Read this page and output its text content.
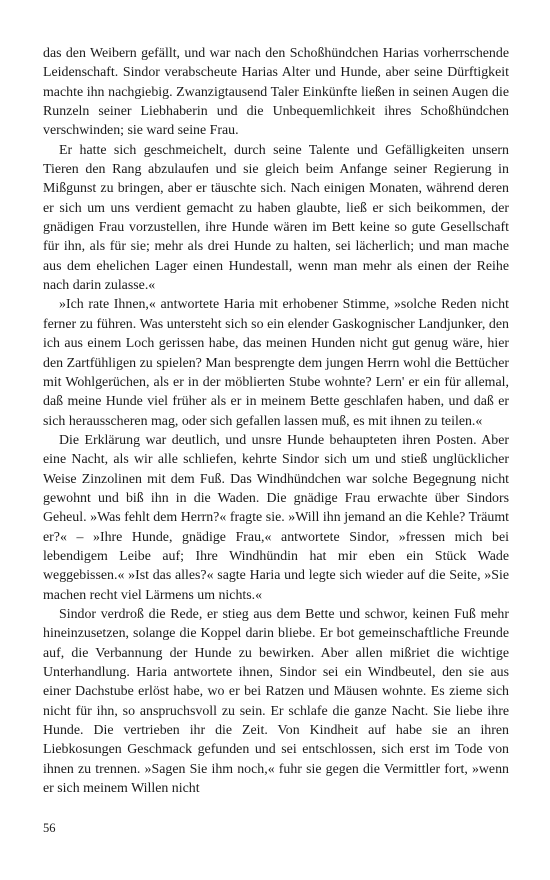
das den Weibern gefällt, und war nach den Schoßhündchen Harias vorherrschende Leidenschaft. Sindor verabscheute Harias Alter und Hunde, aber seine Dürftigkeit machte ihn nachgiebig. Zwanzigtausend Taler Einkünfte ließen in seinen Augen die Runzeln seiner Liebhaberin und die Unbequemlichkeit ihres Schoßhündchen verschwinden; sie ward seine Frau.

Er hatte sich geschmeichelt, durch seine Talente und Gefälligkeiten unsern Tieren den Rang abzulaufen und sie gleich beim Anfange seiner Regierung in Mißgunst zu bringen, aber er täuschte sich. Nach einigen Monaten, während deren er sich um uns verdient gemacht zu haben glaubte, ließ er sich beikommen, der gnädigen Frau vorzustellen, ihre Hunde wären im Bett keine so gute Gesellschaft für ihn, als für sie; mehr als drei Hunde zu halten, sei lächerlich; und man mache aus dem ehelichen Lager einen Hundestall, wenn man mehr als einen der Reihe nach darin zulasse.«

»Ich rate Ihnen,« antwortete Haria mit erhobener Stimme, »solche Reden nicht ferner zu führen. Was untersteht sich so ein elender Gaskognischer Landjunker, den ich aus einem Loch gerissen habe, das meinen Hunden nicht gut genug wäre, hier den Zartfühligen zu spielen? Man besprengte dem jungen Herrn wohl die Bettücher mit Wohlgerüchen, als er in der möblierten Stube wohnte? Lern' er ein für allemal, daß meine Hunde viel früher als er in meinem Bette geschlafen haben, und daß er sich herausscheren mag, oder sich gefallen lassen muß, es mit ihnen zu teilen.«

Die Erklärung war deutlich, und unsre Hunde behaupteten ihren Posten. Aber eine Nacht, als wir alle schliefen, kehrte Sindor sich um und stieß unglücklicher Weise Zinzolinen mit dem Fuß. Das Windhündchen war solche Begegnung nicht gewohnt und biß ihn in die Waden. Die gnädige Frau erwachte über Sindors Geheul. »Was fehlt dem Herrn?« fragte sie. »Will ihn jemand an die Kehle? Träumt er?« – »Ihre Hunde, gnädige Frau,« antwortete Sindor, »fressen mich bei lebendigem Leibe auf; Ihre Windhündin hat mir eben ein Stück Wade weggebissen.« »Ist das alles?« sagte Haria und legte sich wieder auf die Seite, »Sie machen recht viel Lärmens um nichts.«

Sindor verdroß die Rede, er stieg aus dem Bette und schwor, keinen Fuß mehr hineinzusetzen, solange die Koppel darin bliebe. Er bot gemeinschaftliche Freunde auf, die Verbannung der Hunde zu bewirken. Aber allen mißriet die wichtige Unterhandlung. Haria antwortete ihnen, Sindor sei ein Windbeutel, den sie aus einer Dachstube erlöst habe, wo er bei Ratzen und Mäusen wohnte. Es zieme sich nicht für ihn, so anspruchsvoll zu sein. Er schlafe die ganze Nacht. Sie liebe ihre Hunde. Die vertrieben ihr die Zeit. Von Kindheit auf habe sie an ihren Liebkosungen Geschmack gefunden und sei entschlossen, sich erst im Tode von ihnen zu trennen. »Sagen Sie ihm noch,« fuhr sie gegen die Vermittler fort, »wenn er sich meinem Willen nicht

56
